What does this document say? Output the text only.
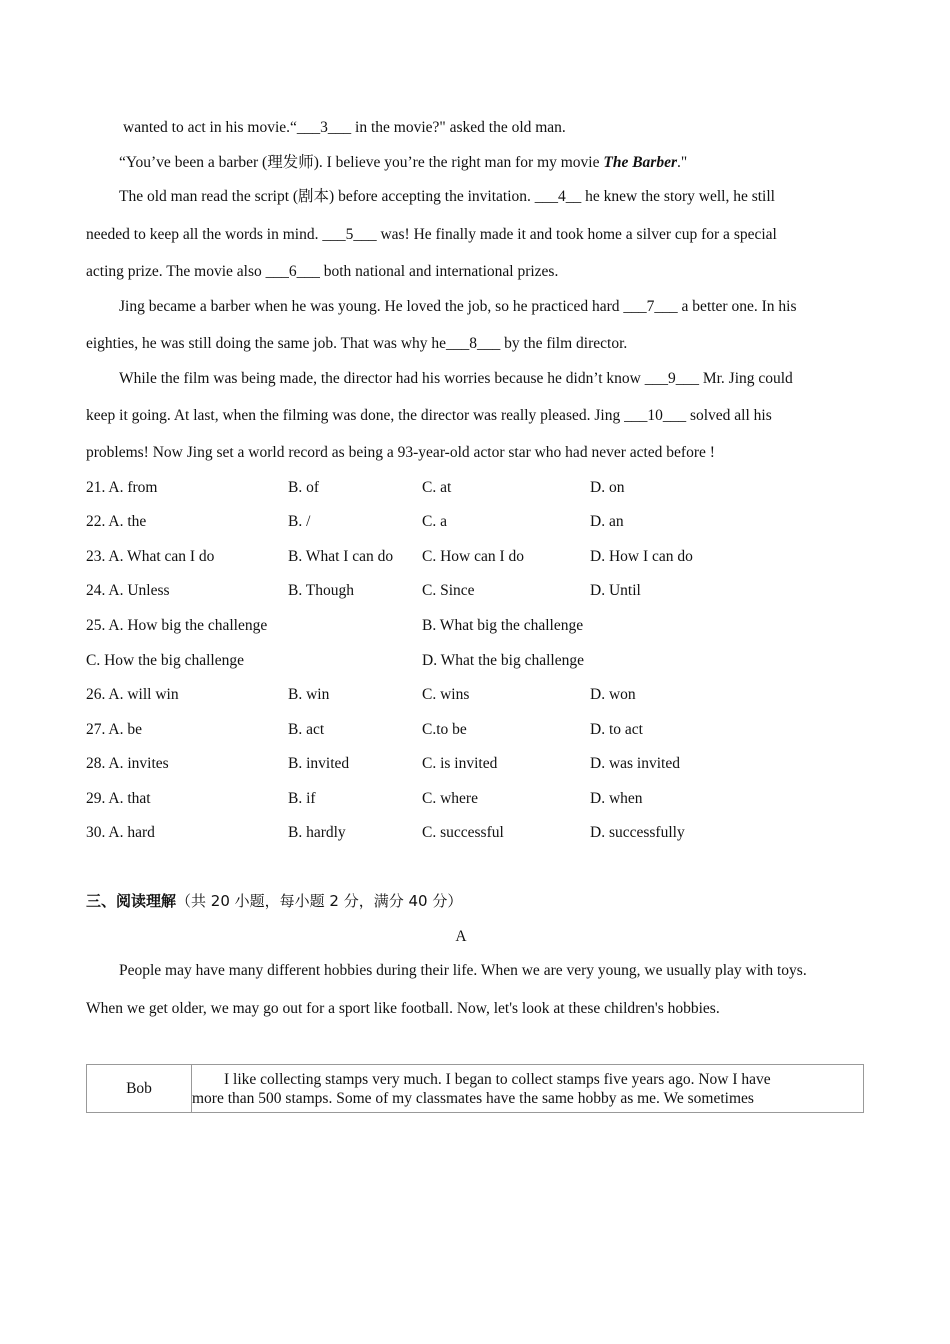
wanted to act in his movie.“___3___ in the movie?" asked the old man.
“You’ve been a barber (理发师). I believe you’re the right man for my movie The Barber."
The old man read the script (剧本) before accepting the invitation. ___4__ he knew the story well, he still
needed to keep all the words in mind. ___5___ was! He finally made it and took home a silver cup for a special
acting prize. The movie also ___6___ both national and international prizes.
Jing became a barber when he was young. He loved the job, so he practiced hard ___7___ a better one. In his
eighties, he was still doing the same job. That was why he___8___ by the film director.
While the film was being made, the director had his worries because he didn’t know ___9___ Mr. Jing could
keep it going. At last, when the filming was done, the director was really pleased. Jing ___10___ solved all his
problems! Now Jing set a world record as being a 93-year-old actor star who had never acted before !
21. A. from	B. of	C. at	D. on
22. A. the	B. /	C. a	D. an
23. A. What can I do	B. What I can do C. How can I do	D. How I can do
24. A. Unless	B. Though	C. Since	D. Until
25. A. How big the challenge	B. What big the challenge
C. How the big challenge	D. What the big challenge
26. A. will win	B. win	C. wins	D. won
27. A. be	B. act	C.to be	D. to act
28. A. invites	B. invited	C. is invited	D. was invited
29. A. that	B. if	C. where	D. when
30. A. hard	B. hardly	C. successful	D. successfully
三、阅读理解（共 20 小题，每小题 2 分，满分 40 分）
A
People may have many different hobbies during their life. When we are very young, we usually play with toys.
When we get older, we may go out for a sport like football. Now, let's look at these children's hobbies.
Bob	I like collecting stamps very much. I began to collect stamps five years ago. Now I have
more than 500 stamps. Some of my classmates have the same hobby as me. We sometimes
